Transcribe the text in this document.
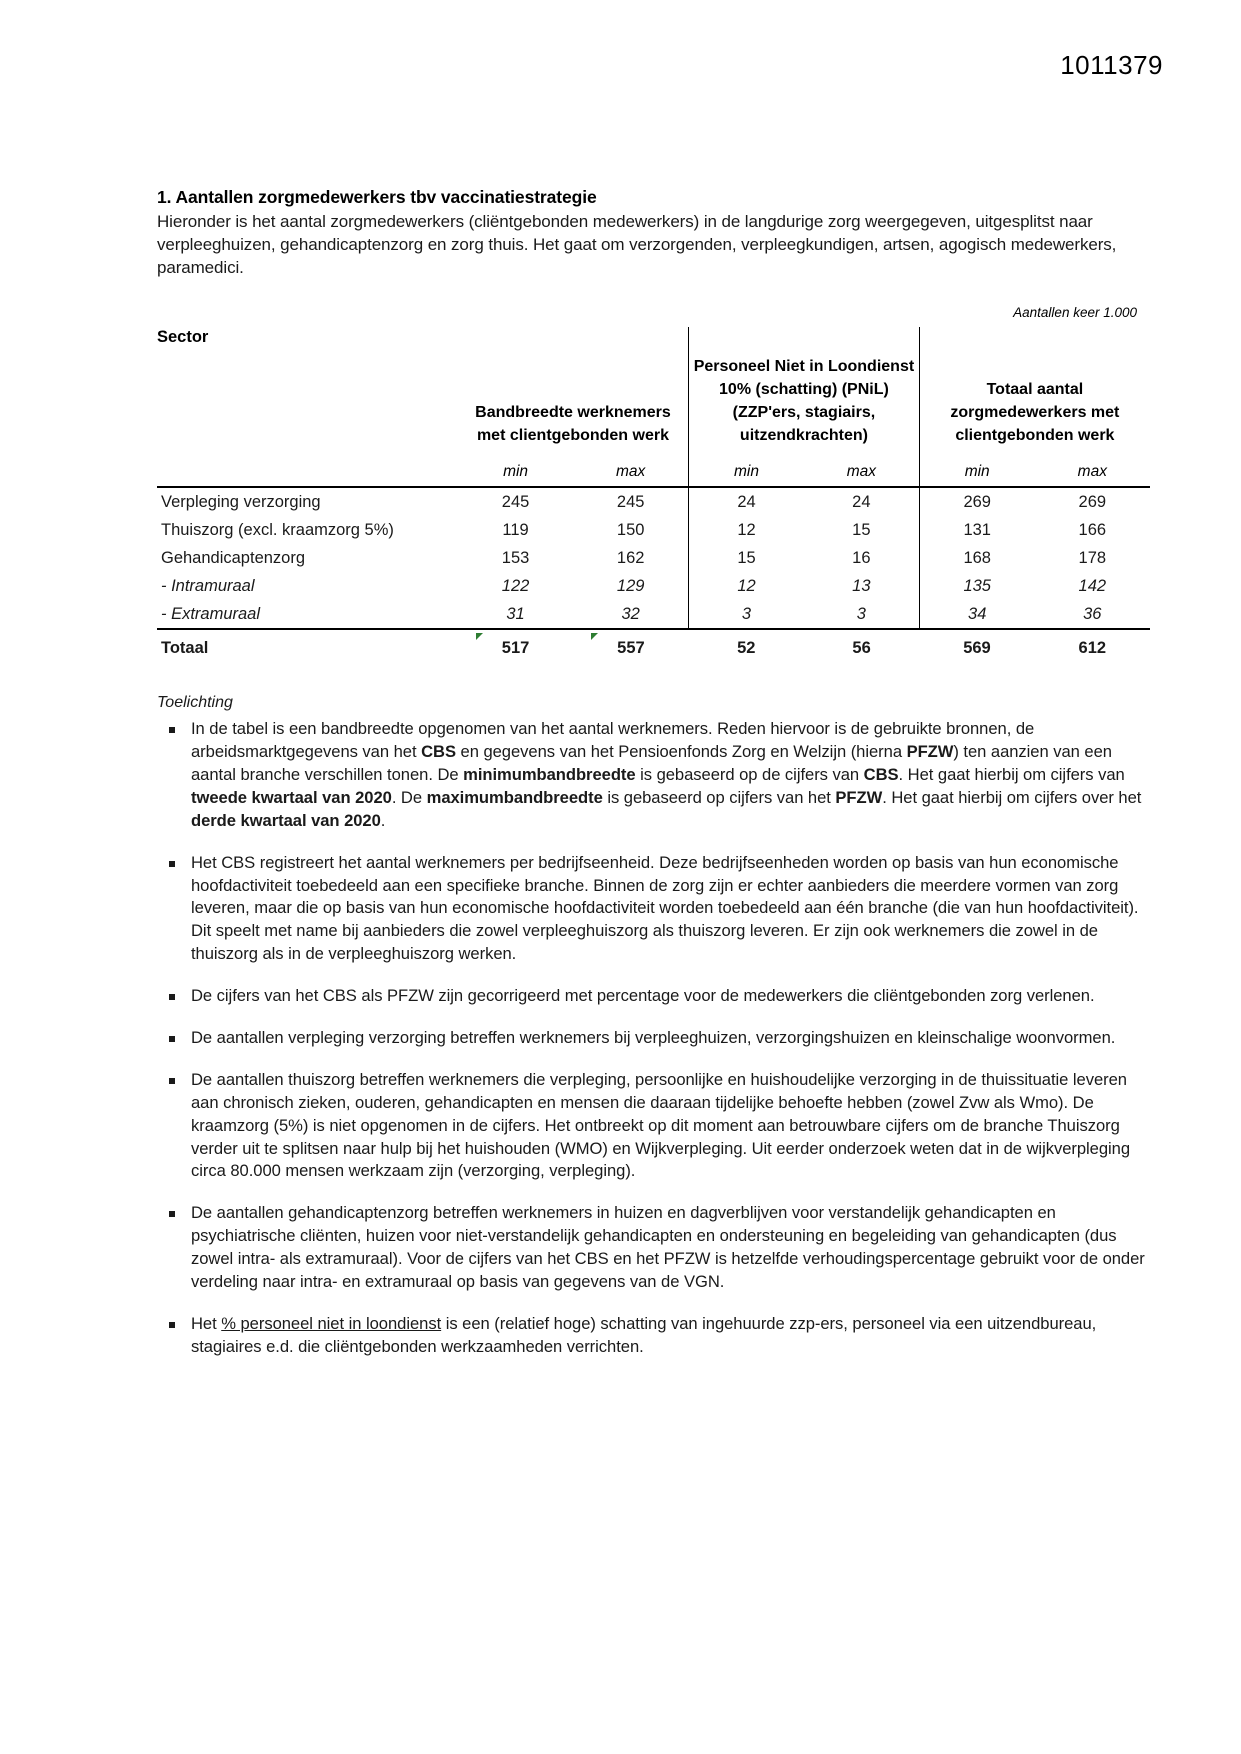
1011379
1. Aantallen zorgmedewerkers tbv vaccinatiestrategie

Hieronder is het aantal zorgmedewerkers (cliëntgebonden medewerkers) in de langdurige zorg weergegeven, uitgesplitst naar verpleeghuizen, gehandicaptenzorg en zorg thuis. Het gaat om verzorgenden, verpleegkundigen, artsen, agogisch medewerkers, paramedici.

Aantallen keer 1.000
Sector
	Bandbreedte werknemers met clientgebonden werk		Personeel Niet in Loondienst 10% (schatting) (PNiL) (ZZP'ers, stagiairs, uitzendkrachten)		Totaal aantal zorgmedewerkers met clientgebonden werk	
	min	max	min	max	min	max
Verpleging verzorging	245	245	24	24	269	269
Thuiszorg (excl. kraamzorg 5%)	119	150	12	15	131	166
Gehandicaptenzorg	153	162	15	16	168	178
- Intramuraal	122	129	12	13	135	142
- Extramuraal	31	32	3	3	34	36
Totaal	517	557	52	56	569	612
Toelichting
In de tabel is een bandbreedte opgenomen van het aantal werknemers. Reden hiervoor is de gebruikte bronnen, de arbeidsmarktgegevens van het CBS en gegevens van het Pensioenfonds Zorg en Welzijn (hierna PFZW) ten aanzien van een aantal branche verschillen tonen. De minimumbandbreedte is gebaseerd op de cijfers van CBS. Het gaat hierbij om cijfers van tweede kwartaal van 2020. De maximumbandbreedte is gebaseerd op cijfers van het PFZW. Het gaat hierbij om cijfers over het derde kwartaal van 2020.
Het CBS registreert het aantal werknemers per bedrijfseenheid. Deze bedrijfseenheden worden op basis van hun economische hoofdactiviteit toebedeeld aan een specifieke branche. Binnen de zorg zijn er echter aanbieders die meerdere vormen van zorg leveren, maar die op basis van hun economische hoofdactiviteit worden toebedeeld aan één branche (die van hun hoofdactiviteit). Dit speelt met name bij aanbieders die zowel verpleeghuiszorg als thuiszorg leveren. Er zijn ook werknemers die zowel in de thuiszorg als in de verpleeghuiszorg werken.
De cijfers van het CBS als PFZW zijn gecorrigeerd met percentage voor de medewerkers die cliëntgebonden zorg verlenen.
De aantallen verpleging verzorging betreffen werknemers bij verpleeghuizen, verzorgingshuizen en kleinschalige woonvormen.
De aantallen thuiszorg betreffen werknemers die verpleging, persoonlijke en huishoudelijke verzorging in de thuissituatie leveren aan chronisch zieken, ouderen, gehandicapten en mensen die daaraan tijdelijke behoefte hebben (zowel Zvw als Wmo). De kraamzorg (5%) is niet opgenomen in de cijfers. Het ontbreekt op dit moment aan betrouwbare cijfers om de branche Thuiszorg verder uit te splitsen naar hulp bij het huishouden (WMO) en Wijkverpleging. Uit eerder onderzoek weten dat in de wijkverpleging circa 80.000 mensen werkzaam zijn (verzorging, verpleging).
De aantallen gehandicaptenzorg betreffen werknemers in huizen en dagverblijven voor verstandelijk gehandicapten en psychiatrische cliënten, huizen voor niet-verstandelijk gehandicapten en ondersteuning en begeleiding van gehandicapten (dus zowel intra- als extramuraal). Voor de cijfers van het CBS en het PFZW is hetzelfde verhoudingspercentage gebruikt voor de onder verdeling naar intra- en extramuraal op basis van gegevens van de VGN.
Het % personeel niet in loondienst is een (relatief hoge) schatting van ingehuurde zzp-ers, personeel via een uitzendbureau, stagiaires e.d. die cliëntgebonden werkzaamheden verrichten.
